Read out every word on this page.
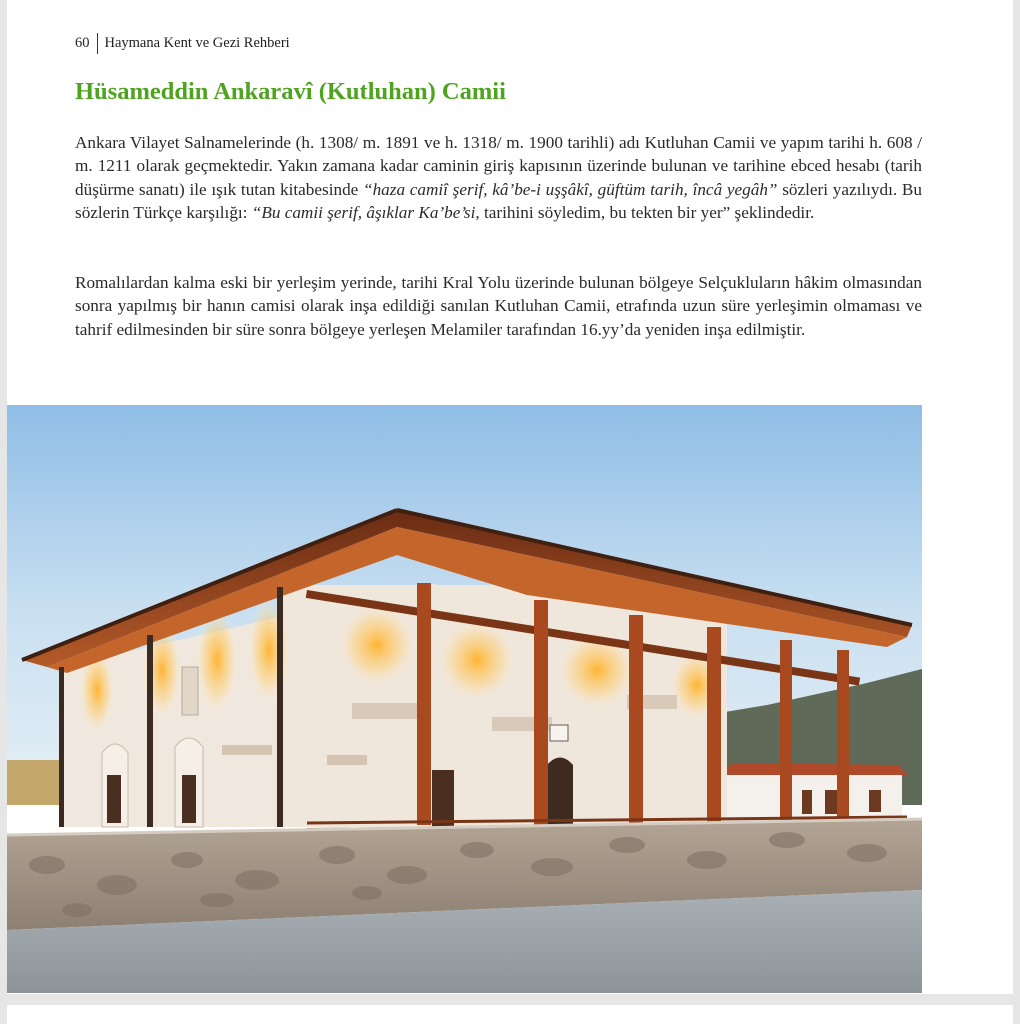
60	Haymana Kent ve Gezi Rehberi
Hüsameddin Ankaravî (Kutluhan) Camii

Ankara Vilayet Salnamelerinde (h. 1308/ m. 1891 ve h. 1318/ m. 1900 tarihli) adı Kutluhan Camii ve yapım tarihi h. 608 / m. 1211 olarak geçmektedir. Yakın zamana kadar caminin giriş kapısının üzerinde bulunan ve tarihine ebced hesabı (tarih düşürme sanatı) ile ışık tutan kitabesinde “haza camiî şerif, kâ’be-i uşşâkî, güftüm tarih, încâ yegâh” sözleri yazılıydı. Bu sözlerin Türkçe karşılığı: “Bu camii şerif, âşıklar Ka’be’si, tarihini söyledim, bu tekten bir yer” şeklindedir.

Romalılardan kalma eski bir yerleşim yerinde, tarihi Kral Yolu üzerinde bulunan bölgeye Selçukluların hâkim olmasından sonra yapılmış bir hanın camisi olarak inşa edildiği sanılan Kutluhan Camii, etrafında uzun süre yerleşimin olmaması ve tahrif edilmesinden bir süre sonra bölgeye yerleşen Melamiler tarafından 16.yy’da yeniden inşa edilmiştir.
